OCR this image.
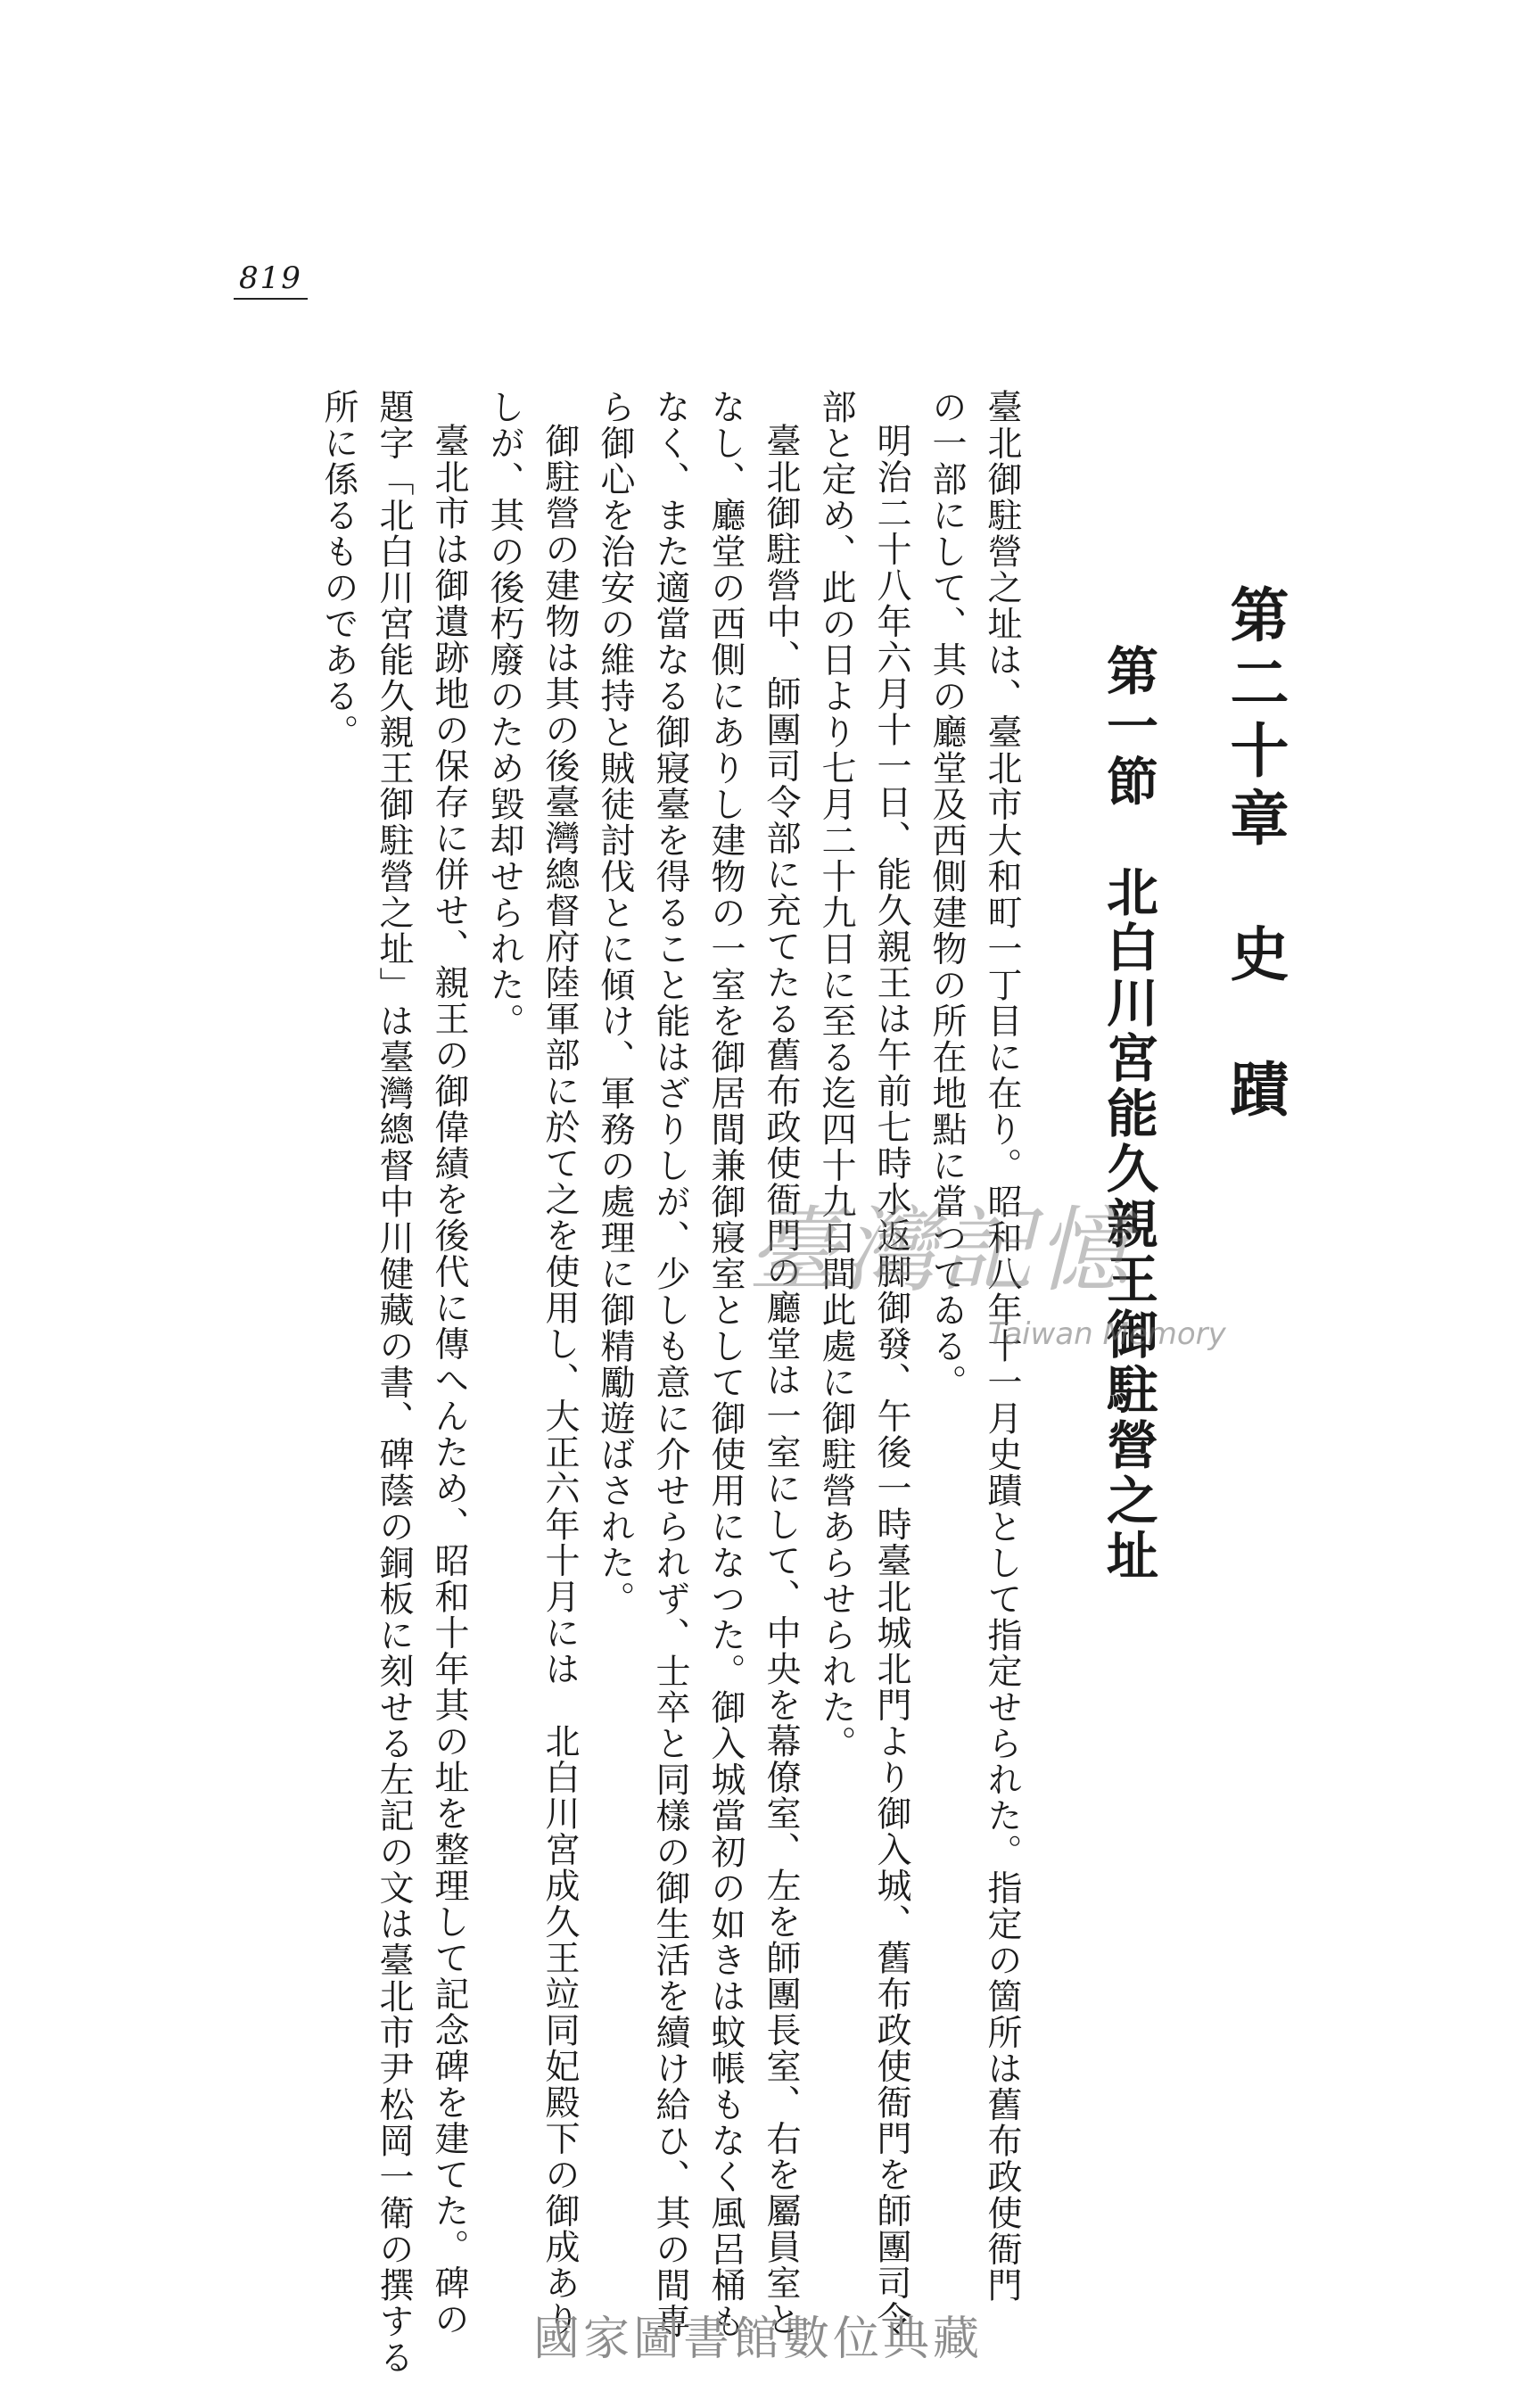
819
第二十章　史　蹟
第一節　北白川宮能久親王御駐營之址
臺北御駐營之址は、臺北市大和町一丁目に在り。昭和八年十一月史蹟として指定せられた。指定の箇所は舊布政使衙門
の一部にして、其の廳堂及西側建物の所在地點に當つてゐる。
明治二十八年六月十一日、能久親王は午前七時水返脚御發、午後一時臺北城北門より御入城、舊布政使衙門を師團司令
部と定め、此の日より七月二十九日に至る迄四十九日間此處に御駐營あらせられた。
臺北御駐營中、師團司令部に充てたる舊布政使衙門の廳堂は一室にして、中央を幕僚室、左を師團長室、右を屬員室と
なし、廳堂の西側にありし建物の一室を御居間兼御寢室として御使用になつた。御入城當初の如きは蚊帳もなく風呂桶も
なく、また適當なる御寢臺を得ること能はざりしが、少しも意に介せられず、士卒と同樣の御生活を續け給ひ、其の間専
ら御心を治安の維持と賊徒討伐とに傾け、軍務の處理に御精勵遊ばされた。
御駐營の建物は其の後臺灣總督府陸軍部に於て之を使用し、大正六年十月には　北白川宮成久王竝同妃殿下の御成あり
しが、其の後朽廢のため毀却せられた。
臺北市は御遺跡地の保存に併せ、親王の御偉績を後代に傳へんため、昭和十年其の址を整理して記念碑を建てた。碑の
題字「北白川宮能久親王御駐營之址」は臺灣總督中川健藏の書、碑蔭の銅板に刻せる左記の文は臺北市尹松岡一衛の撰する
所に係るものである。
臺灣記憶
Taiwan Memory
國家圖書館數位典藏
